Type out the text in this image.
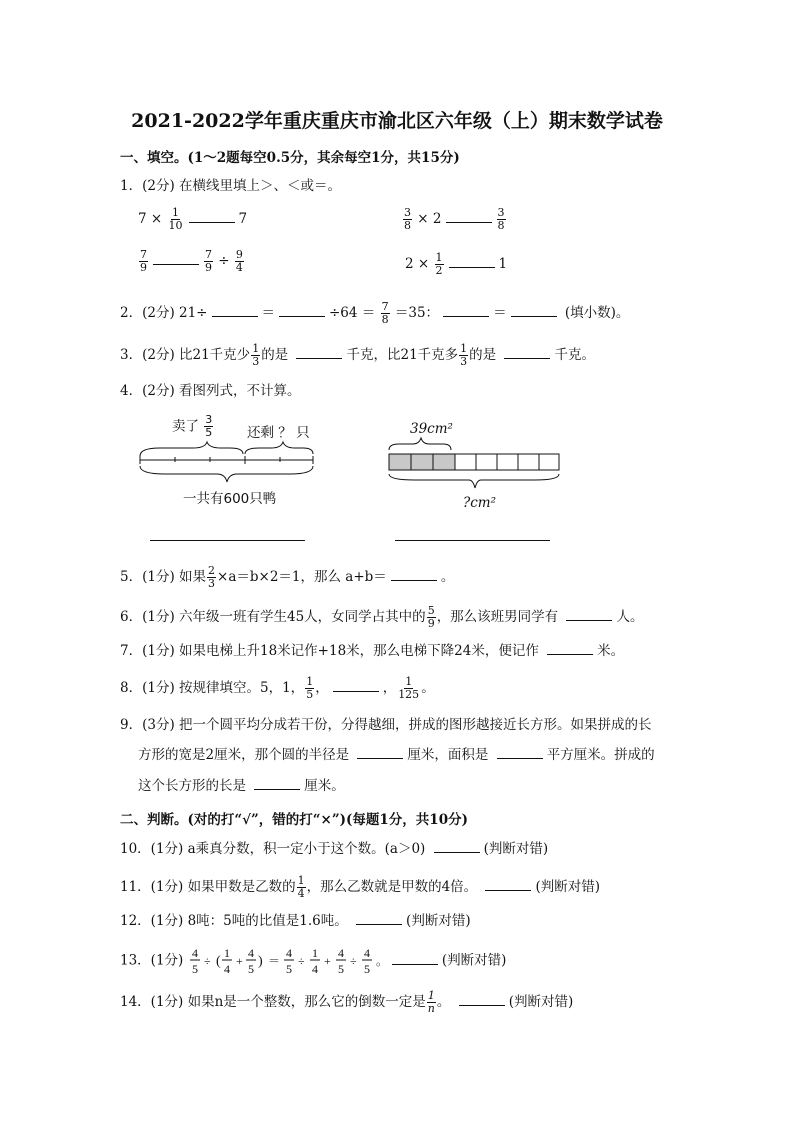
2021-2022学年重庆重庆市渝北区六年级（上）期末数学试卷
一、填空。(1～2题每空0.5分，其余每空1分，共15分)
1．(2分) 在横线里填上＞、＜或＝。
$7 \times \frac{1}{10}$	7	$\frac{3}{8} \times 2$	$\frac{3}{8}$
$\frac{7}{9}$	$\frac{7}{9} \div \frac{9}{4}$	$2 \times \frac{1}{2}$	1
2．(2分) 21÷	＝	$\div 64 = \frac{7}{8} =35$：	＝	(填小数)。
3．(2分) 比21千克少 $\frac{1}{3}$ 的是	千克，比21千克多 $\frac{1}{3}$ 的是	千克。
4．(2分) 看图列式，不计算。
卖了 $\frac{3}{5}$ 还剩 ？ 只
一共有600只鸭
39cm²
?cm²
5．(1分) 如果 $\frac{2}{3} \times a=b\times 2=1$，那么 a+b＝	。
6．(1分) 六年级一班有学生45人，女同学占其中的 $\frac{5}{9}$ ，那么该班男同学有	人。
7．(1分) 如果电梯上升18米记作+18米，那么电梯下降24米，便记作	米。
8．(1分) 按规律填空。5，1， $\frac{1}{5}$ ，	， $\frac{1}{125}$ 。
9．(3分) 把一个圆平均分成若干份，分得越细，拼成的图形越接近长方形。如果拼成的长
方形的宽是2厘米，那个圆的半径是	厘米，面积是	平方厘米。拼成的
这个长方形的长是	厘米。
二、判断。(对的打“√”，错的打“×”)(每题1分，共10分)
10．(1分) a乘真分数，积一定小于这个数。(a＞0)	(判断对错)
11．(1分) 如果甲数是乙数的 $\frac{1}{4}$ ，那么乙数就是甲数的4倍。	(判断对错)
12．(1分) 8吨：5吨的比值是1.6吨。	(判断对错)
13．(1分) 4
5
÷ (
1
4
+
4
5 ) ＝
4
5
÷
1
4
+
4
5
÷
4
5
。	(判断对错)
14．(1分) 如果n是一个整数，那么它的倒数一定是 $\frac{1}{n}$ 。	(判断对错)
